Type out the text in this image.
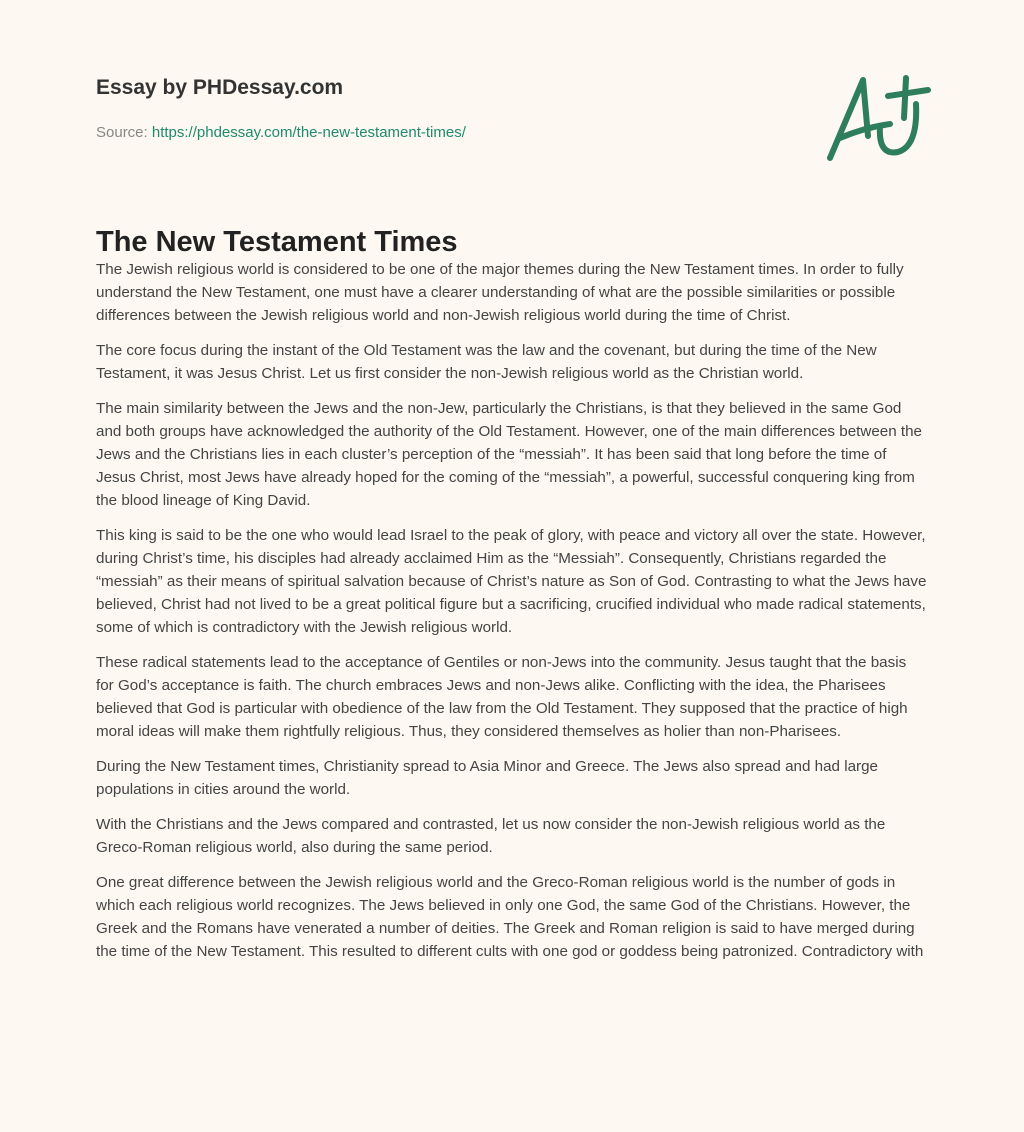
Essay by PHDessay.com

Source: https://phdessay.com/the-new-testament-times/
The New Testament Times

The Jewish religious world is considered to be one of the major themes during the New Testament times. In order to fully understand the New Testament, one must have a clearer understanding of what are the possible similarities or possible differences between the Jewish religious world and non-Jewish religious world during the time of Christ.

The core focus during the instant of the Old Testament was the law and the covenant, but during the time of the New Testament, it was Jesus Christ. Let us first consider the non-Jewish religious world as the Christian world.

The main similarity between the Jews and the non-Jew, particularly the Christians, is that they believed in the same God and both groups have acknowledged the authority of the Old Testament. However, one of the main differences between the Jews and the Christians lies in each cluster’s perception of the “messiah”. It has been said that long before the time of Jesus Christ, most Jews have already hoped for the coming of the “messiah”, a powerful, successful conquering king from the blood lineage of King David.

This king is said to be the one who would lead Israel to the peak of glory, with peace and victory all over the state. However, during Christ’s time, his disciples had already acclaimed Him as the “Messiah”. Consequently, Christians regarded the “messiah” as their means of spiritual salvation because of Christ’s nature as Son of God. Contrasting to what the Jews have believed, Christ had not lived to be a great political figure but a sacrificing, crucified individual who made radical statements, some of which is contradictory with the Jewish religious world.

These radical statements lead to the acceptance of Gentiles or non-Jews into the community. Jesus taught that the basis for God’s acceptance is faith. The church embraces Jews and non-Jews alike. Conflicting with the idea, the Pharisees believed that God is particular with obedience of the law from the Old Testament. They supposed that the practice of high moral ideas will make them rightfully religious. Thus, they considered themselves as holier than non-Pharisees.

During the New Testament times, Christianity spread to Asia Minor and Greece. The Jews also spread and had large populations in cities around the world.

With the Christians and the Jews compared and contrasted, let us now consider the non-Jewish religious world as the Greco-Roman religious world, also during the same period.

One great difference between the Jewish religious world and the Greco-Roman religious world is the number of gods in which each religious world recognizes. The Jews believed in only one God, the same God of the Christians. However, the Greek and the Romans have venerated a number of deities. The Greek and Roman religion is said to have merged during the time of the New Testament. This resulted to different cults with one god or goddess being patronized. Contradictory with
